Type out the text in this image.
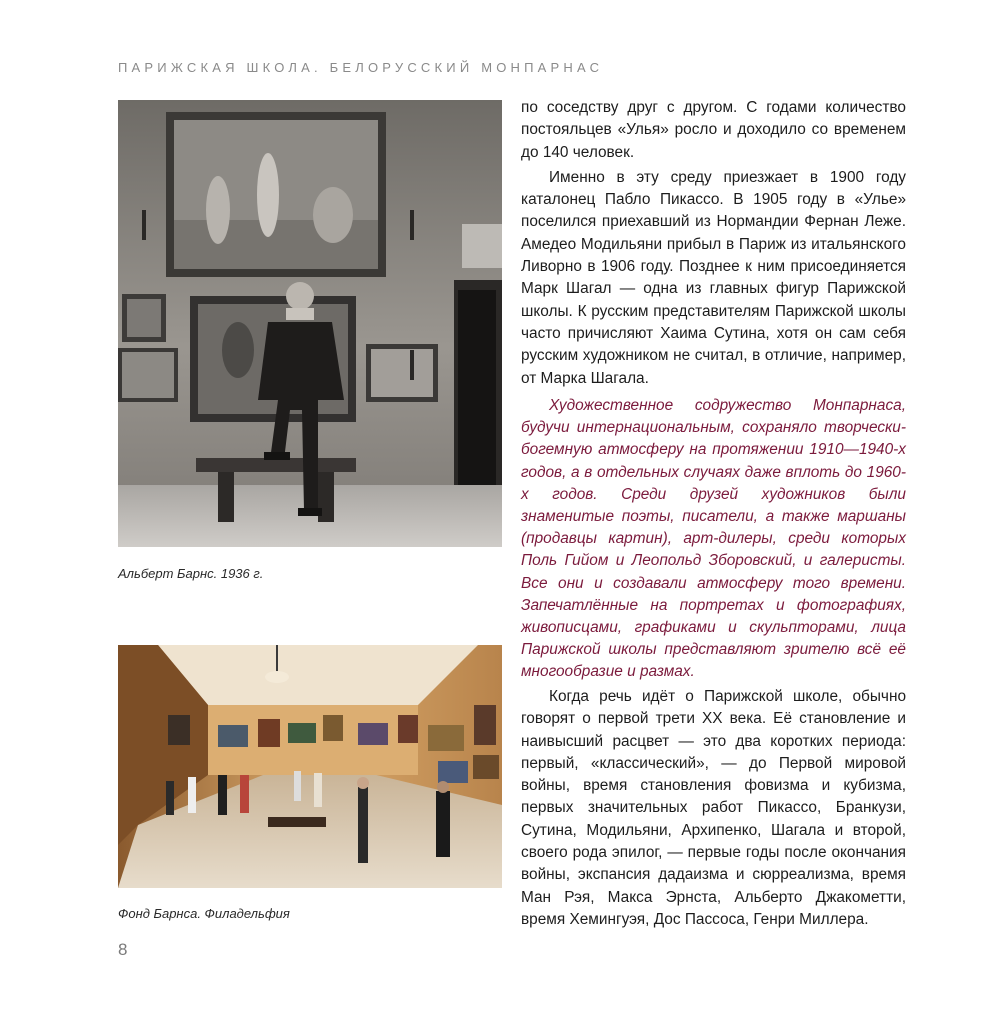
ПАРИЖСКАЯ ШКОЛА. БЕЛОРУССКИЙ МОНПАРНАС
Альберт Барнс. 1936 г.
Фонд Барнса. Филадельфия

по соседству друг с другом. С годами количество постояльцев «Улья» росло и доходило со временем до 140 человек.

Именно в эту среду приезжает в 1900 году каталонец Пабло Пикассо. В 1905 году в «Улье» поселился приехавший из Нормандии Фернан Леже. Амедео Модильяни прибыл в Париж из итальянского Ливорно в 1906 году. Позднее к ним присоединяется Марк Шагал — одна из главных фигур Парижской школы. К русским представителям Парижской школы часто причисляют Хаима Сутина, хотя он сам себя русским художником не считал, в отличие, например, от Марка Шагала.

Художественное содружество Монпарнаса, будучи интернациональным, сохраняло творчески-богемную атмосферу на протяжении 1910—1940-х годов, а в отдельных случаях даже вплоть до 1960-х годов. Среди друзей художников были знаменитые поэты, писатели, а также маршаны (продавцы картин), арт-дилеры, среди которых Поль Гийом и Леопольд Зборовский, и галеристы. Все они и создавали атмосферу того времени. Запечатлённые на портретах и фотографиях, живописцами, графиками и скульпторами, лица Парижской школы представляют зрителю всё её многообразие и размах.

Когда речь идёт о Парижской школе, обычно говорят о первой трети XX века. Её становление и наивысший расцвет — это два коротких периода: первый, «классический», — до Первой мировой войны, время становления фовизма и кубизма, первых значительных работ Пикассо, Бранкузи, Сутина, Модильяни, Архипенко, Шагала и второй, своего рода эпилог, — первые годы после окончания войны, экспансия дадаизма и сюрреализма, время Ман Рэя, Макса Эрнста, Альберто Джакометти, время Хемингуэя, Дос Пассоса, Генри Миллера.

8
